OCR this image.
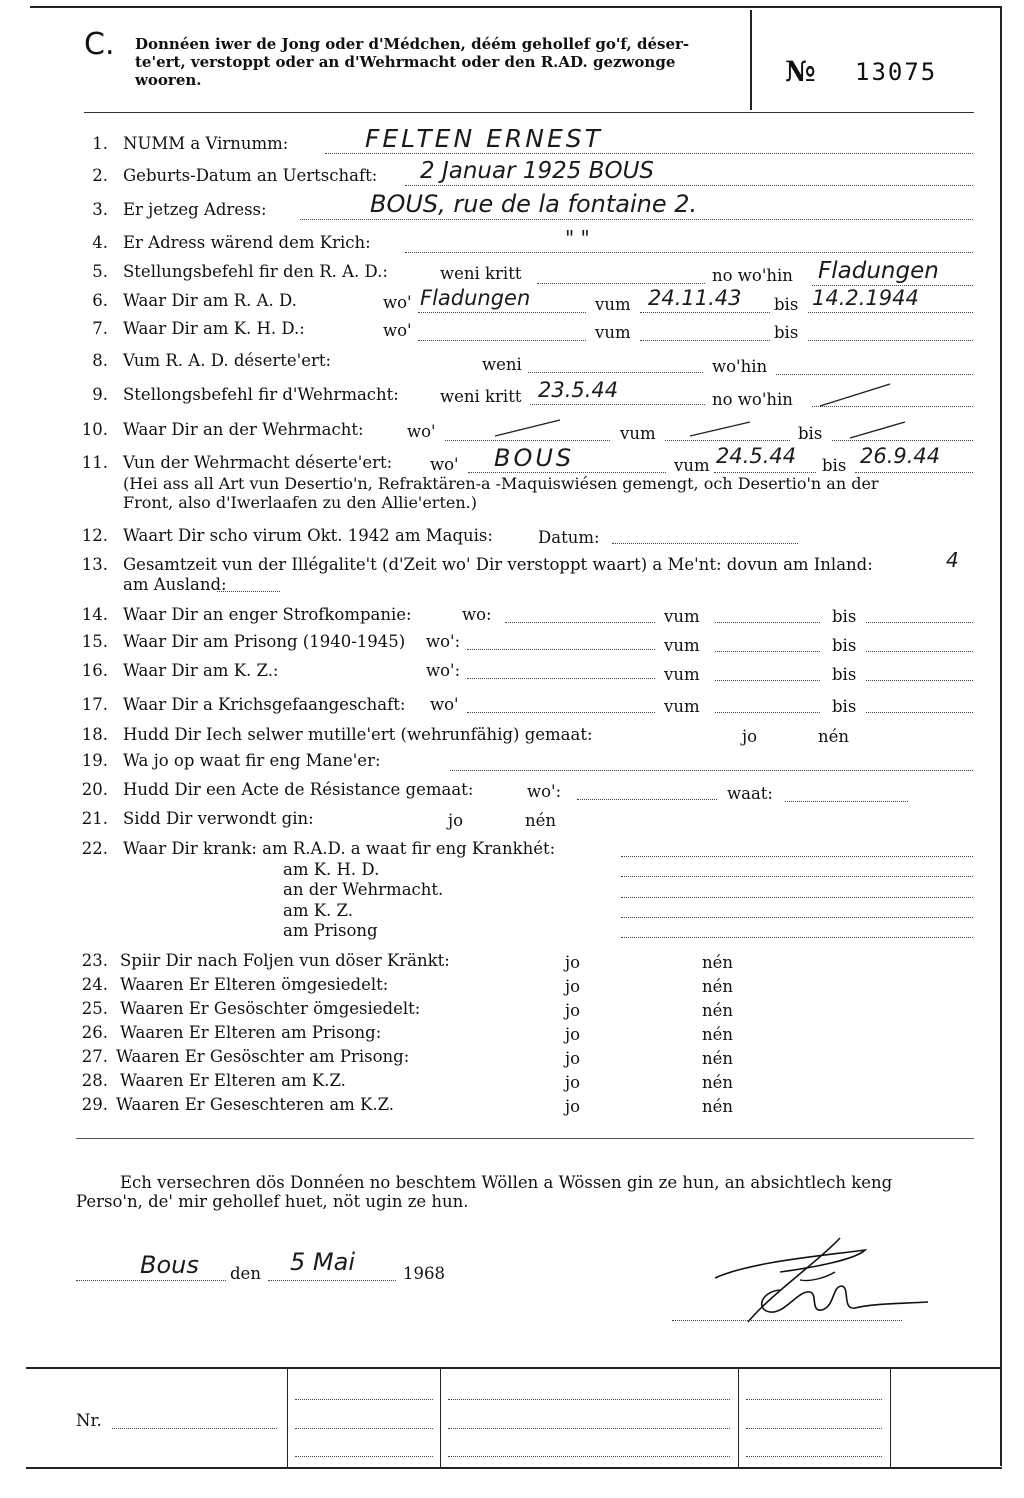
C. Donnéen iwer de Jong oder d'Médchen, déém gehollef go'f, déser-
te'ert, verstoppt oder an d'Wehrmacht oder den R.AD. gezwonge
wooren.	№ 13075
1. NUMM a Virnumm:	FELTEN ERNEST
2. Geburts-Datum an Uertschaft: 2 Januar 1925 BOUS
3. Er jetzeg Adress:	BOUS, rue de la fontaine 2.
4. Er Adress wärend dem Krich:	" "
5. Stellungsbefehl fir den R. A. D.:	weni kritt	no wo'hin Fladungen
6. Waar Dir am R. A. D.	wo' Fladungen	vum 24.11.43 bis 14.2.1944
7. Waar Dir am K. H. D.:	wo'	vum	bis
8. Vum R. A. D. déserte'ert:	weni	wo'hin
9. Stellongsbefehl fir d'Wehrmacht: weni kritt 23.5.44	no wo'hin
10. Waar Dir an der Wehrmacht:	wo'	vum	bis
11. Vun der Wehrmacht déserte'ert: wo' BOUS	vum 24.5.44 bis 26.9.44
(Hei ass all Art vun Desertio'n, Refraktären-a -Maquiswiésen gemengt, och Desertio'n an der
Front, also d'Iwerlaafen zu den Allie'erten.)
12. Waart Dir scho virum Okt. 1942 am Maquis:	Datum:
13. Gesamtzeit vun der Illégalite't (d'Zeit wo' Dir verstoppt waart) a Me'nt: dovun am Inland:	4
am Ausland:
14. Waar Dir an enger Strofkompanie:	wo:	vum	bis
15. Waar Dir am Prisong (1940-1945) wo':	vum	bis
16. Waar Dir am K. Z.:	wo':	vum	bis
17. Waar Dir a Krichsgefaangeschaft: wo'	vum	bis
18. Hudd Dir Iech selwer mutille'ert (wehrunfähig) gemaat:	jo	nén
19. Wa jo op waat fir eng Mane'er:
20. Hudd Dir een Acte de Résistance gemaat:	wo':	waat:
21. Sidd Dir verwondt gin:	jo	nén
22. Waar Dir krank: am R.A.D. a waat fir eng Krankhét:
am K. H. D.
an der Wehrmacht.
am K. Z.
am Prisong
23. Spiir Dir nach Foljen vun döser Kränkt:	jo	nén
24. Waaren Er Elteren ömgesiedelt:	jo	nén
25. Waaren Er Gesöschter ömgesiedelt:	jo	nén
26. Waaren Er Elteren am Prisong:	jo	nén
27. Waaren Er Gesöschter am Prisong:	jo	nén
28. Waaren Er Elteren am K.Z.	jo	nén
29. Waaren Er Geseschteren am K.Z.	jo	nén
Ech versechren dös Donnéen no beschtem Wöllen a Wössen gin ze hun, an absichtlech keng
Perso'n, de' mir gehollef huet, nöt ugin ze hun.
Bous den 5 Mai	1968
Nr.
